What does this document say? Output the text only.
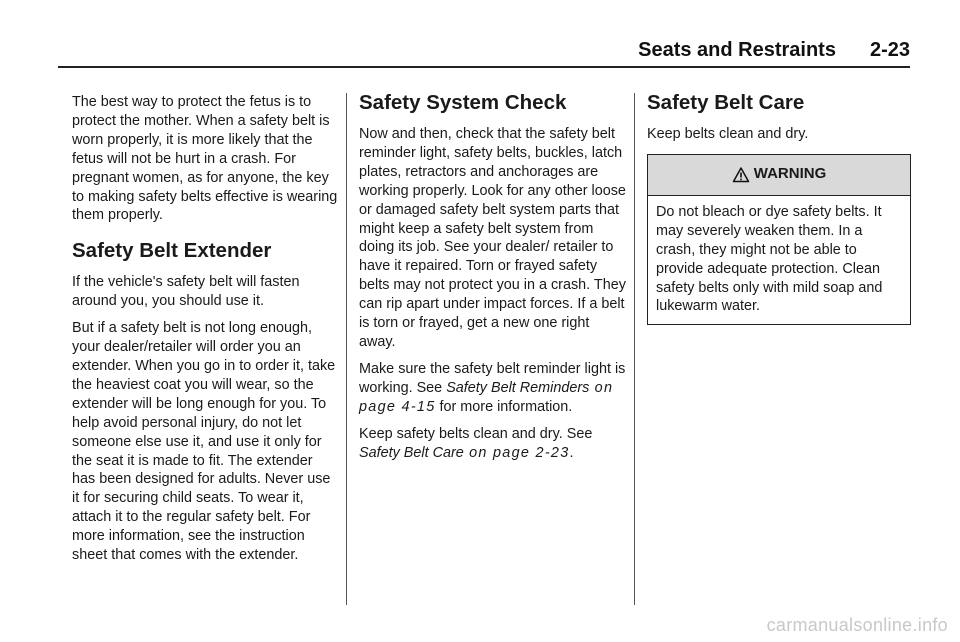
Seats and Restraints 2-23

The best way to protect the fetus is to protect the mother. When a safety belt is worn properly, it is more likely that the fetus will not be hurt in a crash. For pregnant women, as for anyone, the key to making safety belts effective is wearing them properly.

Safety Belt Extender

If the vehicle's safety belt will fasten around you, you should use it.

But if a safety belt is not long enough, your dealer/retailer will order you an extender. When you go in to order it, take the heaviest coat you will wear, so the extender will be long enough for you. To help avoid personal injury, do not let someone else use it, and use it only for the seat it is made to fit. The extender has been designed for adults. Never use it for securing child seats. To wear it, attach it to the regular safety belt. For more information, see the instruction sheet that comes with the extender.

Safety System Check

Now and then, check that the safety belt reminder light, safety belts, buckles, latch plates, retractors and anchorages are working properly. Look for any other loose or damaged safety belt system parts that might keep a safety belt system from doing its job. See your dealer/ retailer to have it repaired. Torn or frayed safety belts may not protect you in a crash. They can rip apart under impact forces. If a belt is torn or frayed, get a new one right away.

Make sure the safety belt reminder light is working. See Safety Belt Reminders on page 4-15 for more information.

Keep safety belts clean and dry. See Safety Belt Care on page 2-23.

Safety Belt Care

Keep belts clean and dry.

WARNING
Do not bleach or dye safety belts. It may severely weaken them. In a crash, they might not be able to provide adequate protection. Clean safety belts only with mild soap and lukewarm water.
carmanualsonline.info
